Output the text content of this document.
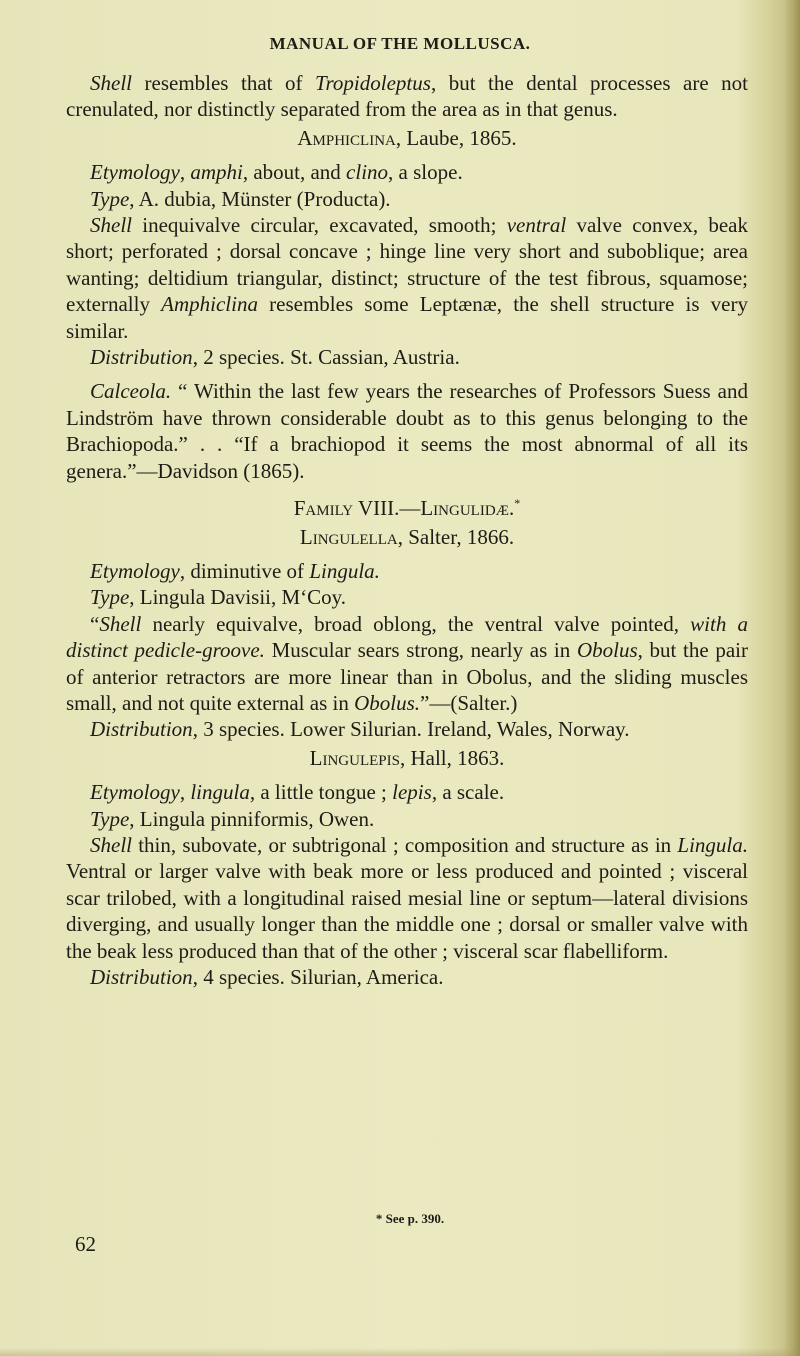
MANUAL OF THE MOLLUSCA.

Shell resembles that of Tropidoleptus, but the dental processes are not crenulated, nor distinctly separated from the area as in that genus.

Amphiclina, Laube, 1865.

Etymology, amphi, about, and clino, a slope.

Type, A. dubia, Münster (Producta).

Shell inequivalve circular, excavated, smooth; ventral valve convex, beak short; perforated ; dorsal concave ; hinge line very short and suboblique; area wanting; deltidium triangular, distinct; structure of the test fibrous, squamose; externally Amphiclina resembles some Leptænæ, the shell structure is very similar.

Distribution, 2 species. St. Cassian, Austria.

Calceola. “ Within the last few years the researches of Professors Suess and Lindström have thrown considerable doubt as to this genus belonging to the Brachiopoda.” . . “If a brachiopod it seems the most abnormal of all its genera.”—Davidson (1865).

Family VIII.—Lingulidæ.*

Lingulella, Salter, 1866.

Etymology, diminutive of Lingula.

Type, Lingula Davisii, M‘Coy.

“Shell nearly equivalve, broad oblong, the ventral valve pointed, with a distinct pedicle-groove. Muscular sears strong, nearly as in Obolus, but the pair of anterior retractors are more linear than in Obolus, and the sliding muscles small, and not quite external as in Obolus.”—(Salter.)

Distribution, 3 species. Lower Silurian. Ireland, Wales, Norway.

Lingulepis, Hall, 1863.

Etymology, lingula, a little tongue ; lepis, a scale.

Type, Lingula pinniformis, Owen.

Shell thin, subovate, or subtrigonal ; composition and structure as in Lingula. Ventral or larger valve with beak more or less produced and pointed ; visceral scar trilobed, with a longitudinal raised mesial line or septum—lateral divisions diverging, and usually longer than the middle one ; dorsal or smaller valve with the beak less produced than that of the other ; visceral scar flabelliform.

Distribution, 4 species. Silurian, America.

* See p. 390.
62
